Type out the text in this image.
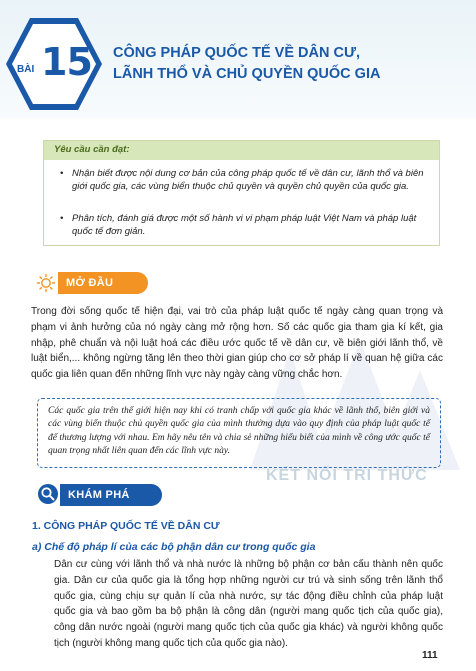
KẾT NỐI TRI THỨC
BÀI 15 CÔNG PHÁP QUỐC TẾ VỀ DÂN CƯ,
LÃNH THỔ VÀ CHỦ QUYỀN QUỐC GIA
Yêu cầu cần đạt:
• Nhận biết được nội dung cơ bản của công pháp quốc tế về dân cư, lãnh thổ và biên giới quốc gia, các vùng biển thuộc chủ quyền và quyền chủ quyền của quốc gia.
• Phân tích, đánh giá được một số hành vi vi phạm pháp luật Việt Nam và pháp luật quốc tế đơn giản.
MỞ ĐẦU
Trong đời sống quốc tế hiện đại, vai trò của pháp luật quốc tế ngày càng quan trọng và phạm vi ảnh hưởng của nó ngày càng mở rộng hơn. Số các quốc gia tham gia kí kết, gia nhập, phê chuẩn và nội luật hoá các điều ước quốc tế về dân cư, về biên giới lãnh thổ, về luật biển,... không ngừng tăng lên theo thời gian giúp cho cơ sở pháp lí về quan hệ giữa các quốc gia liên quan đến những lĩnh vực này ngày càng vững chắc hơn.
Các quốc gia trên thế giới hiện nay khi có tranh chấp với quốc gia khác về lãnh thổ, biên giới và các vùng biển thuộc chủ quyền quốc gia của mình thường dựa vào quy định của pháp luật quốc tế để thương lượng với nhau. Em hãy nêu tên và chia sẻ những hiểu biết của mình về công ước quốc tế quan trọng nhất liên quan đến các lĩnh vực này.
KHÁM PHÁ
1. CÔNG PHÁP QUỐC TẾ VỀ DÂN CƯ
a) Chế độ pháp lí của các bộ phận dân cư trong quốc gia
Dân cư cùng với lãnh thổ và nhà nước là những bộ phận cơ bản cấu thành nên quốc gia. Dân cư của quốc gia là tổng hợp những người cư trú và sinh sống trên lãnh thổ quốc gia, cùng chịu sự quản lí của nhà nước, sự tác động điều chỉnh của pháp luật quốc gia và bao gồm ba bộ phận là công dân (người mang quốc tịch của quốc gia), công dân nước ngoài (người mang quốc tịch của quốc gia khác) và người không quốc tịch (người không mang quốc tịch của quốc gia nào).
111
